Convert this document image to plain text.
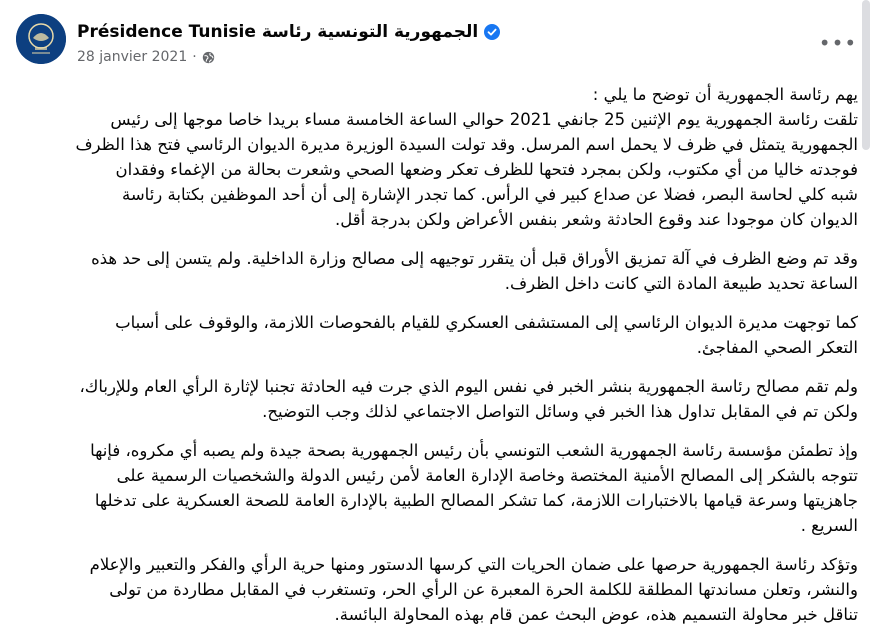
Présidence Tunisie الجمهورية التونسية رئاسة
28 janvier 2021 ·
•••

يهم رئاسة الجمهورية أن توضح ما يلي :

تلقت رئاسة الجمهورية يوم الإثنين 25 جانفي 2021 حوالي الساعة الخامسة مساء بريدا خاصا موجها إلى رئيس
الجمهورية يتمثل في ظرف لا يحمل اسم المرسل. وقد تولت السيدة الوزيرة مديرة الديوان الرئاسي فتح هذا الظرف
فوجدته خاليا من أي مكتوب، ولكن بمجرد فتحها للظرف تعكر وضعها الصحي وشعرت بحالة من الإغماء وفقدان
شبه كلي لحاسة البصر، فضلا عن صداع كبير في الرأس. كما تجدر الإشارة إلى أن أحد الموظفين بكتابة رئاسة
الديوان كان موجودا عند وقوع الحادثة وشعر بنفس الأعراض ولكن بدرجة أقل.

وقد تم وضع الظرف في آلة تمزيق الأوراق قبل أن يتقرر توجيهه إلى مصالح وزارة الداخلية. ولم يتسن إلى حد هذه
الساعة تحديد طبيعة المادة التي كانت داخل الظرف.

كما توجهت مديرة الديوان الرئاسي إلى المستشفى العسكري للقيام بالفحوصات اللازمة، والوقوف على أسباب
التعكر الصحي المفاجئ.

ولم تقم مصالح رئاسة الجمهورية بنشر الخبر في نفس اليوم الذي جرت فيه الحادثة تجنبا لإثارة الرأي العام وللإرباك،
ولكن تم في المقابل تداول هذا الخبر في وسائل التواصل الاجتماعي لذلك وجب التوضيح.

وإذ تطمئن مؤسسة رئاسة الجمهورية الشعب التونسي بأن رئيس الجمهورية بصحة جيدة ولم يصبه أي مكروه، فإنها
تتوجه بالشكر إلى المصالح الأمنية المختصة وخاصة الإدارة العامة لأمن رئيس الدولة والشخصيات الرسمية على
جاهزيتها وسرعة قيامها بالاختبارات اللازمة، كما تشكر المصالح الطبية بالإدارة العامة للصحة العسكرية على تدخلها
السريع .

وتؤكد رئاسة الجمهورية حرصها على ضمان الحريات التي كرسها الدستور ومنها حرية الرأي والفكر والتعبير والإعلام
والنشر، وتعلن مساندتها المطلقة للكلمة الحرة المعبرة عن الرأي الحر، وتستغرب في المقابل مطاردة من تولى
تناقل خبر محاولة التسميم هذه، عوض البحث عمن قام بهذه المحاولة البائسة.
